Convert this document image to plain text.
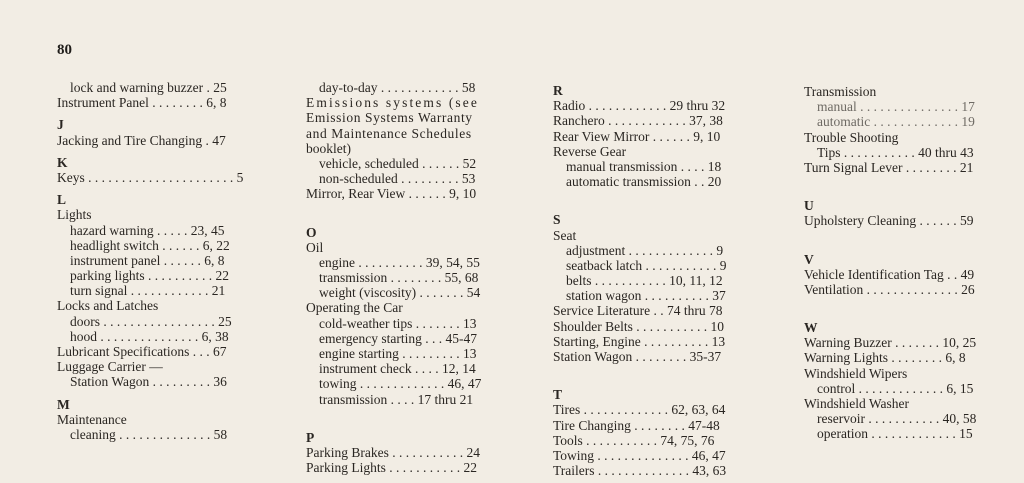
80
lock and warning buzzer . 25
Instrument Panel . . . . . . . . 6, 8
J
Jacking and Tire Changing . 47
K
Keys . . . . . . . . . . . . . . . . . . . . . . 5
L
Lights
hazard warning . . . . . 23, 45
headlight switch . . . . . . 6, 22
instrument panel . . . . . . 6, 8
parking lights . . . . . . . . . . 22
turn signal . . . . . . . . . . . . 21
Locks and Latches
doors . . . . . . . . . . . . . . . . . 25
hood . . . . . . . . . . . . . . . 6, 38
Lubricant Specifications . . . 67
Luggage Carrier —
Station Wagon . . . . . . . . . 36
M
Maintenance
cleaning . . . . . . . . . . . . . . 58
day-to-day . . . . . . . . . . . . 58
Emissions systems (see
Emission Systems Warranty
and Maintenance Schedules
booklet)
vehicle, scheduled . . . . . . 52
non-scheduled . . . . . . . . . 53
Mirror, Rear View . . . . . . 9, 10
O
Oil
engine . . . . . . . . . . 39, 54, 55
transmission . . . . . . . . 55, 68
weight (viscosity) . . . . . . . 54
Operating the Car
cold-weather tips . . . . . . . 13
emergency starting . . . 45-47
engine starting . . . . . . . . . 13
instrument check . . . . 12, 14
towing . . . . . . . . . . . . . 46, 47
transmission . . . . 17 thru 21
P
Parking Brakes . . . . . . . . . . . 24
Parking Lights . . . . . . . . . . . 22
R
Radio . . . . . . . . . . . . 29 thru 32
Ranchero . . . . . . . . . . . . 37, 38
Rear View Mirror . . . . . . 9, 10
Reverse Gear
manual transmission . . . . 18
automatic transmission . . 20
S
Seat
adjustment . . . . . . . . . . . . . 9
seatback latch . . . . . . . . . . . 9
belts . . . . . . . . . . . 10, 11, 12
station wagon . . . . . . . . . . 37
Service Literature . . 74 thru 78
Shoulder Belts . . . . . . . . . . . 10
Starting, Engine . . . . . . . . . . 13
Station Wagon . . . . . . . . 35-37
T
Tires . . . . . . . . . . . . . 62, 63, 64
Tire Changing . . . . . . . . 47-48
Tools . . . . . . . . . . . 74, 75, 76
Towing . . . . . . . . . . . . . . 46, 47
Trailers . . . . . . . . . . . . . . 43, 63
Transmission
manual . . . . . . . . . . . . . . . 17
automatic . . . . . . . . . . . . . 19
Trouble Shooting
Tips . . . . . . . . . . . 40 thru 43
Turn Signal Lever . . . . . . . . 21
U
Upholstery Cleaning . . . . . . 59
V
Vehicle Identification Tag . . 49
Ventilation . . . . . . . . . . . . . . 26
W
Warning Buzzer . . . . . . . 10, 25
Warning Lights . . . . . . . . 6, 8
Windshield Wipers
control . . . . . . . . . . . . . 6, 15
Windshield Washer
reservoir . . . . . . . . . . . 40, 58
operation . . . . . . . . . . . . . 15
